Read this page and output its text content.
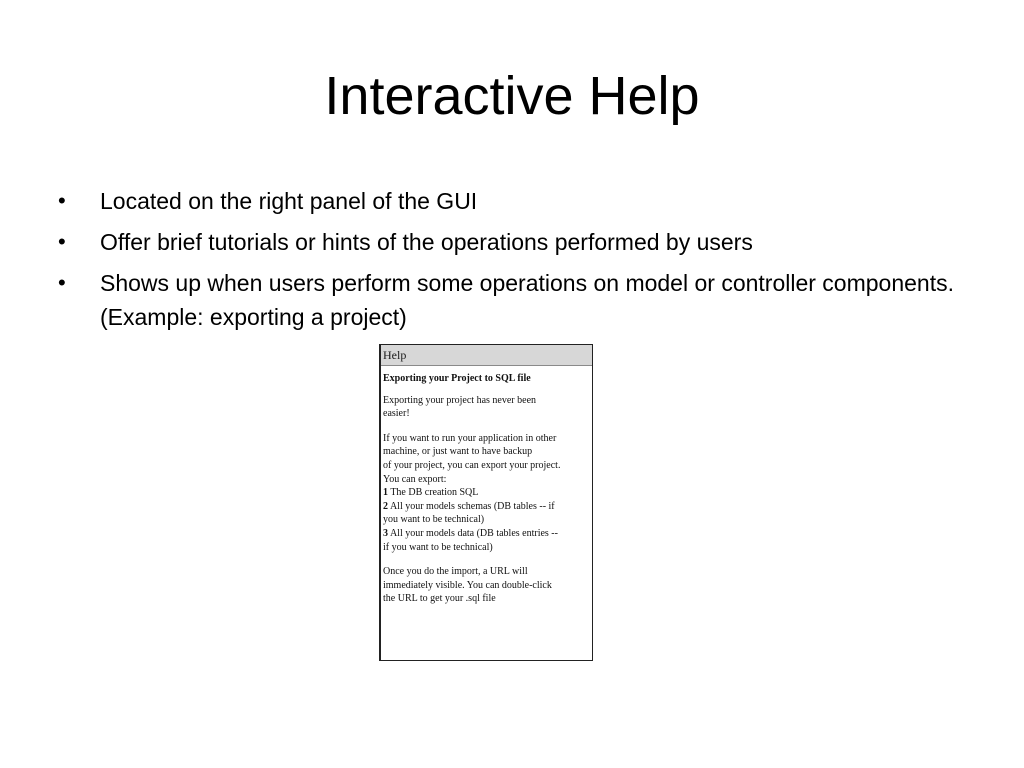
Interactive Help
•	Located on the right panel of the GUI
•	Offer brief tutorials or hints of the operations performed by users
•	Shows up when users perform some operations on model or controller components. (Example: exporting a project)
Help
Exporting your Project to SQL file
Exporting your project has never been
easier!
If you want to run your application in other
machine, or just want to have backup
of your project, you can export your project.
You can export:
1 The DB creation SQL
2 All your models schemas (DB tables -- if
you want to be technical)
3 All your models data (DB tables entries --
if you want to be technical)
Once you do the import, a URL will
immediately visible. You can double-click
the URL to get your .sql file
